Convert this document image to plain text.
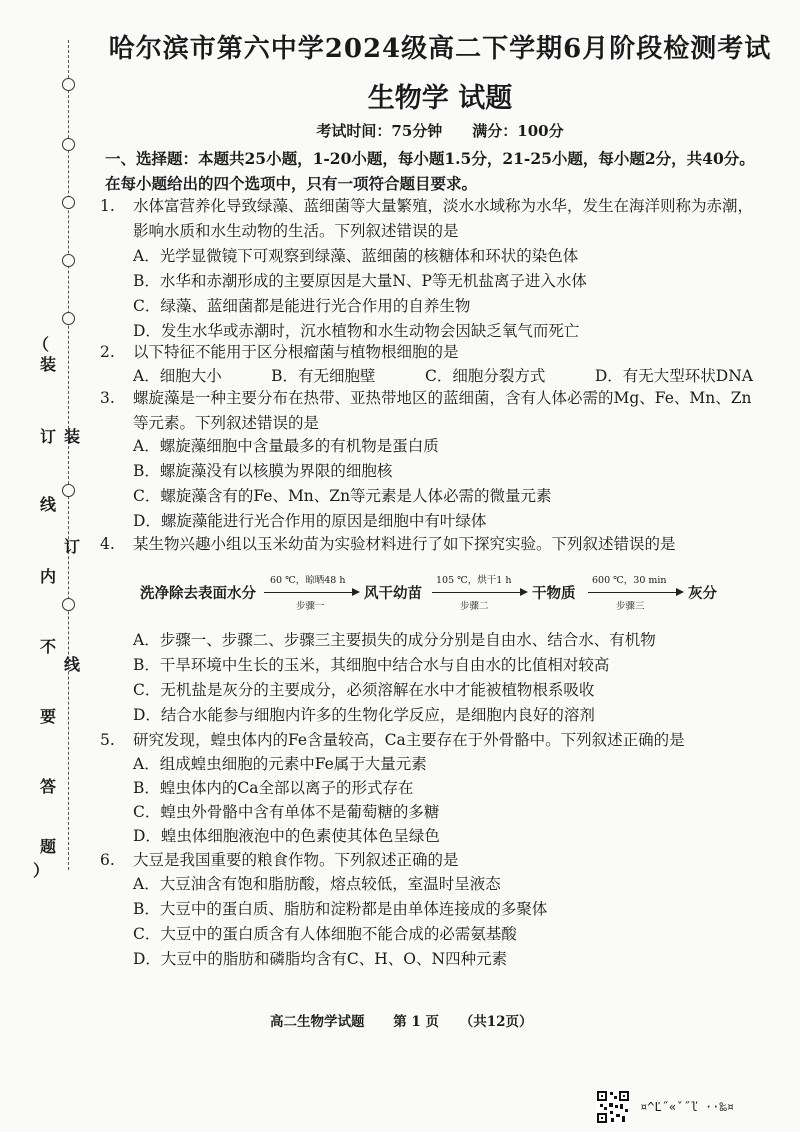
（
装
订
线
内
不
要
答
题
）
装
订
线
哈尔滨市第六中学2024级高二下学期6月阶段检测考试
生物学 试题
考试时间：75分钟　　满分：100分
一、选择题：本题共25小题，1-20小题，每小题1.5分，21-25小题，每小题2分，共40分。在每小题给出的四个选项中，只有一项符合题目要求。
1.	水体富营养化导致绿藻、蓝细菌等大量繁殖，淡水水域称为水华，发生在海洋则称为赤潮，影响水质和水生动物的生活。下列叙述错误的是
A．光学显微镜下可观察到绿藻、蓝细菌的核糖体和环状的染色体
B．水华和赤潮形成的主要原因是大量N、P等无机盐离子进入水体
C．绿藻、蓝细菌都是能进行光合作用的自养生物
D．发生水华或赤潮时，沉水植物和水生动物会因缺乏氧气而死亡
2.	以下特征不能用于区分根瘤菌与植物根细胞的是
A．细胞大小	B．有无细胞壁	C．细胞分裂方式	D．有无大型环状DNA
3.	螺旋藻是一种主要分布在热带、亚热带地区的蓝细菌，含有人体必需的Mg、Fe、Mn、Zn等元素。下列叙述错误的是
A．螺旋藻细胞中含量最多的有机物是蛋白质
B．螺旋藻没有以核膜为界限的细胞核
C．螺旋藻含有的Fe、Mn、Zn等元素是人体必需的微量元素
D．螺旋藻能进行光合作用的原因是细胞中有叶绿体
4.	某生物兴趣小组以玉米幼苗为实验材料进行了如下探究实验。下列叙述错误的是
洗净除去表面水分
60 ℃，晾晒48 h
步骤一
风干幼苗
105 ℃，烘干1 h
步骤二
干物质
600 ℃，30 min
步骤三
灰分
A．步骤一、步骤二、步骤三主要损失的成分分别是自由水、结合水、有机物
B．干旱环境中生长的玉米，其细胞中结合水与自由水的比值相对较高
C．无机盐是灰分的主要成分，必须溶解在水中才能被植物根系吸收
D．结合水能参与细胞内许多的生物化学反应，是细胞内良好的溶剂
5.	研究发现，蝗虫体内的Fe含量较高，Ca主要存在于外骨骼中。下列叙述正确的是
A．组成蝗虫细胞的元素中Fe属于大量元素
B．蝗虫体内的Ca全部以离子的形式存在
C．蝗虫外骨骼中含有单体不是葡萄糖的多糖
D．蝗虫体细胞液泡中的色素使其体色呈绿色
6.	大豆是我国重要的粮食作物。下列叙述正确的是
A．大豆油含有饱和脂肪酸，熔点较低，室温时呈液态
B．大豆中的蛋白质、脂肪和淀粉都是由单体连接成的多聚体
C．大豆中的蛋白质含有人体细胞不能合成的必需氨基酸
D．大豆中的脂肪和磷脂均含有C、H、O、N四种元素
高二生物学试题 第 1 页 （共12页）
¤^Ľ˝«ˇ˝ľ ··‰¤
